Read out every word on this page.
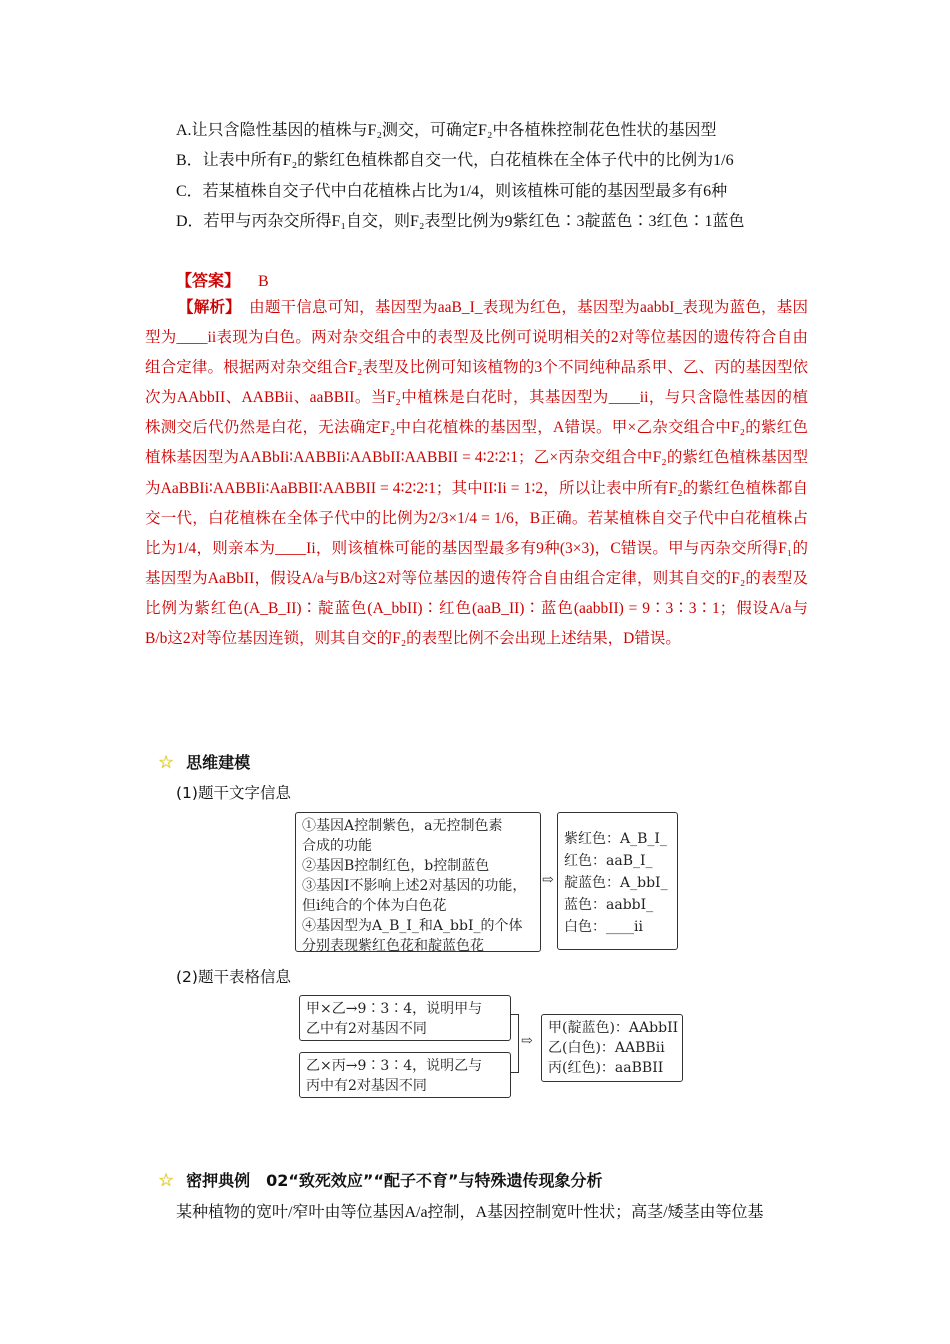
A.让只含隐性基因的植株与F₂测交，可确定F₂中各植株控制花色性状的基因型
B．让表中所有F₂的紫红色植株都自交一代，白花植株在全体子代中的比例为1/6
C．若某植株自交子代中白花植株占比为1/4，则该植株可能的基因型最多有6种
D．若甲与丙杂交所得F₁自交，则F₂表型比例为9紫红色∶3靛蓝色∶3红色∶1蓝色
【答案】 B

【解析】 由题干信息可知，基因型为aaB_I_表现为红色，基因型为aabbI_表现为蓝色，基因型为____ii表现为白色。两对杂交组合中的表型及比例可说明相关的2对等位基因的遗传符合自由组合定律。根据两对杂交组合F₂表型及比例可知该植物的3个不同纯种品系甲、乙、丙的基因型依次为AAbbII、AABBii、aaBBII。当F₂中植株是白花时，其基因型为____ii，与只含隐性基因的植株测交后代仍然是白花，无法确定F₂中白花植株的基因型，A错误。甲×乙杂交组合中F₂的紫红色植株基因型为AABbIi∶AABBIi∶AABbII∶AABBII = 4∶2∶2∶1；乙×丙杂交组合中F₂的紫红色植株基因型为AaBBIi∶AABBIi∶AaBBII∶AABBII = 4∶2∶2∶1；其中II∶Ii = 1∶2，所以让表中所有F₂的紫红色植株都自交一代，白花植株在全体子代中的比例为2/3×1/4 = 1/6，B正确。若某植株自交子代中白花植株占比为1/4，则亲本为____Ii，则该植株可能的基因型最多有9种(3×3)，C错误。甲与丙杂交所得F₁的基因型为AaBbII，假设A/a与B/b这2对等位基因的遗传符合自由组合定律，则其自交的F₂的表型及比例为紫红色(A_B_II)∶靛蓝色(A_bbII)∶红色(aaB_II)∶蓝色(aabbII) = 9∶3∶3∶1；假设A/a与B/b这2对等位基因连锁，则其自交的F₂的表型比例不会出现上述结果，D错误。

☆ 思维建模
(1)题干文字信息
①基因A控制紫色，a无控制色素
合成的功能
②基因B控制红色，b控制蓝色
③基因I不影响上述2对基因的功能，
但i纯合的个体为白色花
④基因型为A_B_I_和A_bbI_的个体
分别表现紫红色花和靛蓝色花
⇨
紫红色：A_B_I_
红色：aaB_I_
靛蓝色：A_bbI_
蓝色：aabbI_
白色：____ii
(2)题干表格信息
甲×乙→9∶3∶4，说明甲与
乙中有2对基因不同
乙×丙→9∶3∶4，说明乙与
丙中有2对基因不同
⇨
甲(靛蓝色)：AAbbII
乙(白色)：AABBii
丙(红色)：aaBBII
☆ 密押典例　02“致死效应”“配子不育”与特殊遗传现象分析
某种植物的宽叶/窄叶由等位基因A/a控制，A基因控制宽叶性状；高茎/矮茎由等位基
